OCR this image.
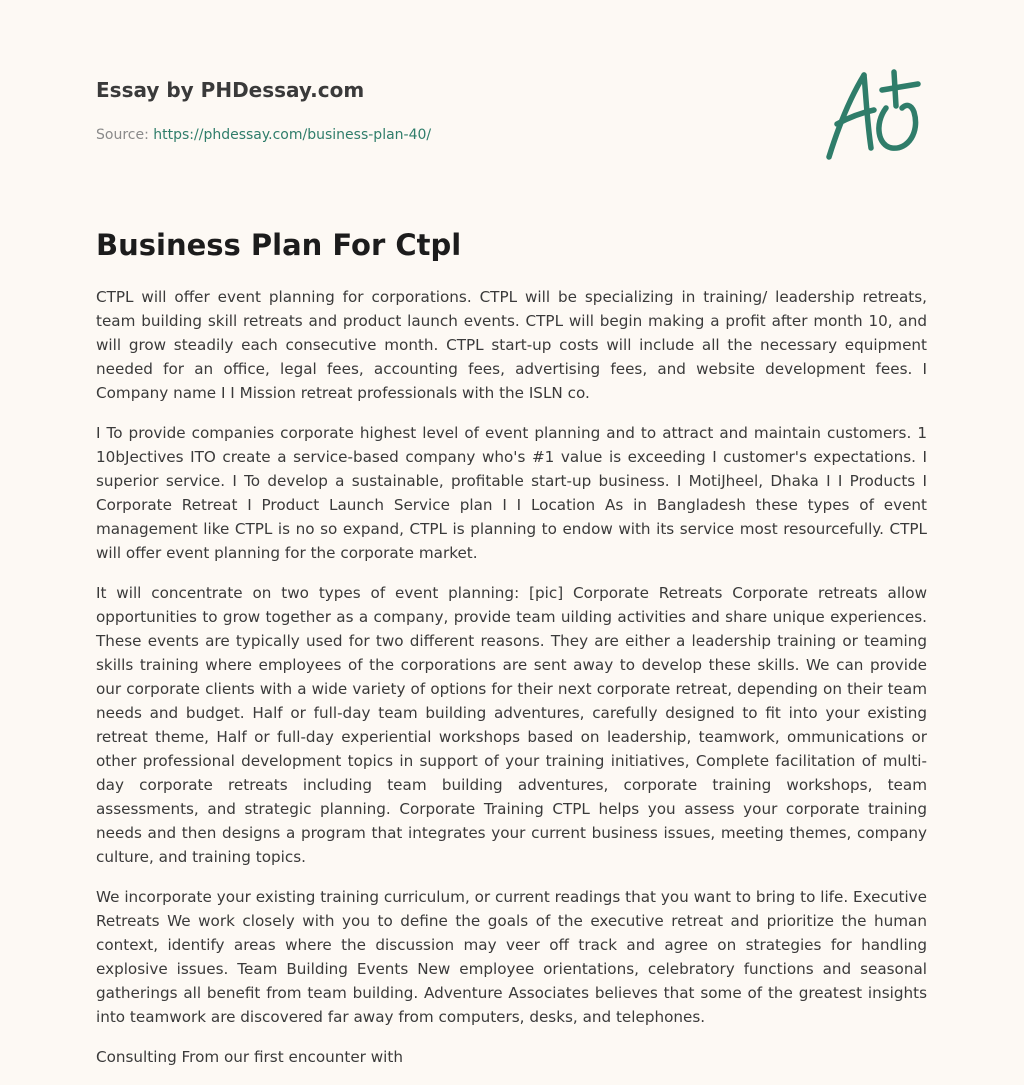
Essay by PHDessay.com
Source: https://phdessay.com/business-plan-40/
Business Plan For Ctpl

CTPL will offer event planning for corporations. CTPL will be specializing in training/ leadership retreats, team building skill retreats and product launch events. CTPL will begin making a profit after month 10, and will grow steadily each consecutive month. CTPL start-up costs will include all the necessary equipment needed for an office, legal fees, accounting fees, advertising fees, and website development fees. I Company name I I Mission retreat professionals with the ISLN co.

I To provide companies corporate highest level of event planning and to attract and maintain customers. 1 10bJectives ITO create a service-based company who's #1 value is exceeding I customer's expectations. I superior service. I To develop a sustainable, profitable start-up business. I MotiJheel, Dhaka I I Products I Corporate Retreat I Product Launch Service plan I I Location As in Bangladesh these types of event management like CTPL is no so expand, CTPL is planning to endow with its service most resourcefully. CTPL will offer event planning for the corporate market.

It will concentrate on two types of event planning: [pic] Corporate Retreats Corporate retreats allow opportunities to grow together as a company, provide team uilding activities and share unique experiences. These events are typically used for two different reasons. They are either a leadership training or teaming skills training where employees of the corporations are sent away to develop these skills. We can provide our corporate clients with a wide variety of options for their next corporate retreat, depending on their team needs and budget. Half or full-day team building adventures, carefully designed to fit into your existing retreat theme, Half or full-day experiential workshops based on leadership, teamwork, ommunications or other professional development topics in support of your training initiatives, Complete facilitation of multi-day corporate retreats including team building adventures, corporate training workshops, team assessments, and strategic planning. Corporate Training CTPL helps you assess your corporate training needs and then designs a program that integrates your current business issues, meeting themes, company culture, and training topics.

We incorporate your existing training curriculum, or current readings that you want to bring to life. Executive Retreats We work closely with you to define the goals of the executive retreat and prioritize the human context, identify areas where the discussion may veer off track and agree on strategies for handling explosive issues. Team Building Events New employee orientations, celebratory functions and seasonal gatherings all benefit from team building. Adventure Associates believes that some of the greatest insights into teamwork are discovered far away from computers, desks, and telephones.

Consulting From our first encounter with
